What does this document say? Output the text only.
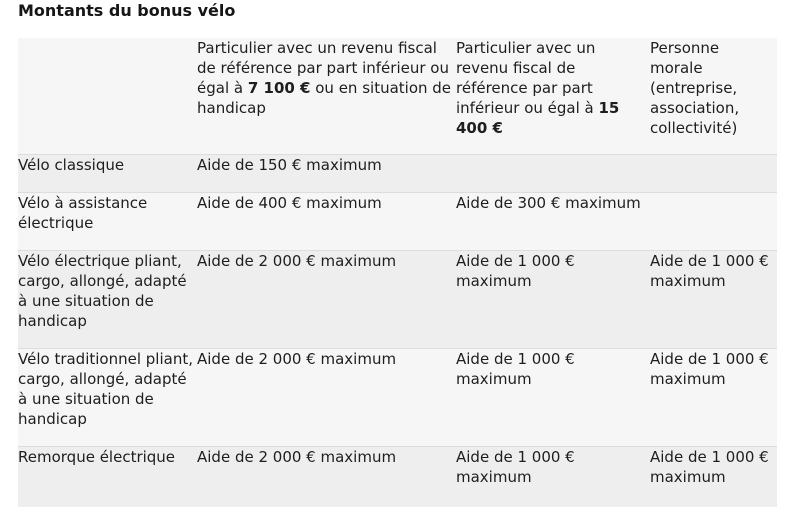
Montants du bonus vélo
	Particulier avec un revenu fiscal de référence par part inférieur ou égal à 7 100 € ou en situation de handicap	Particulier avec un revenu fiscal de référence par part inférieur ou égal à 15 400 €	Personne morale (entreprise, association, collectivité)
Vélo classique	Aide de 150 € maximum		
Vélo à assistance électrique	Aide de 400 € maximum	Aide de 300 € maximum	
Vélo électrique pliant, cargo, allongé, adapté à une situation de handicap	Aide de 2 000 € maximum	Aide de 1 000 € maximum	Aide de 1 000 € maximum
Vélo traditionnel pliant, cargo, allongé, adapté à une situation de handicap	Aide de 2 000 € maximum	Aide de 1 000 € maximum	Aide de 1 000 € maximum
Remorque électrique	Aide de 2 000 € maximum	Aide de 1 000 € maximum	Aide de 1 000 € maximum
